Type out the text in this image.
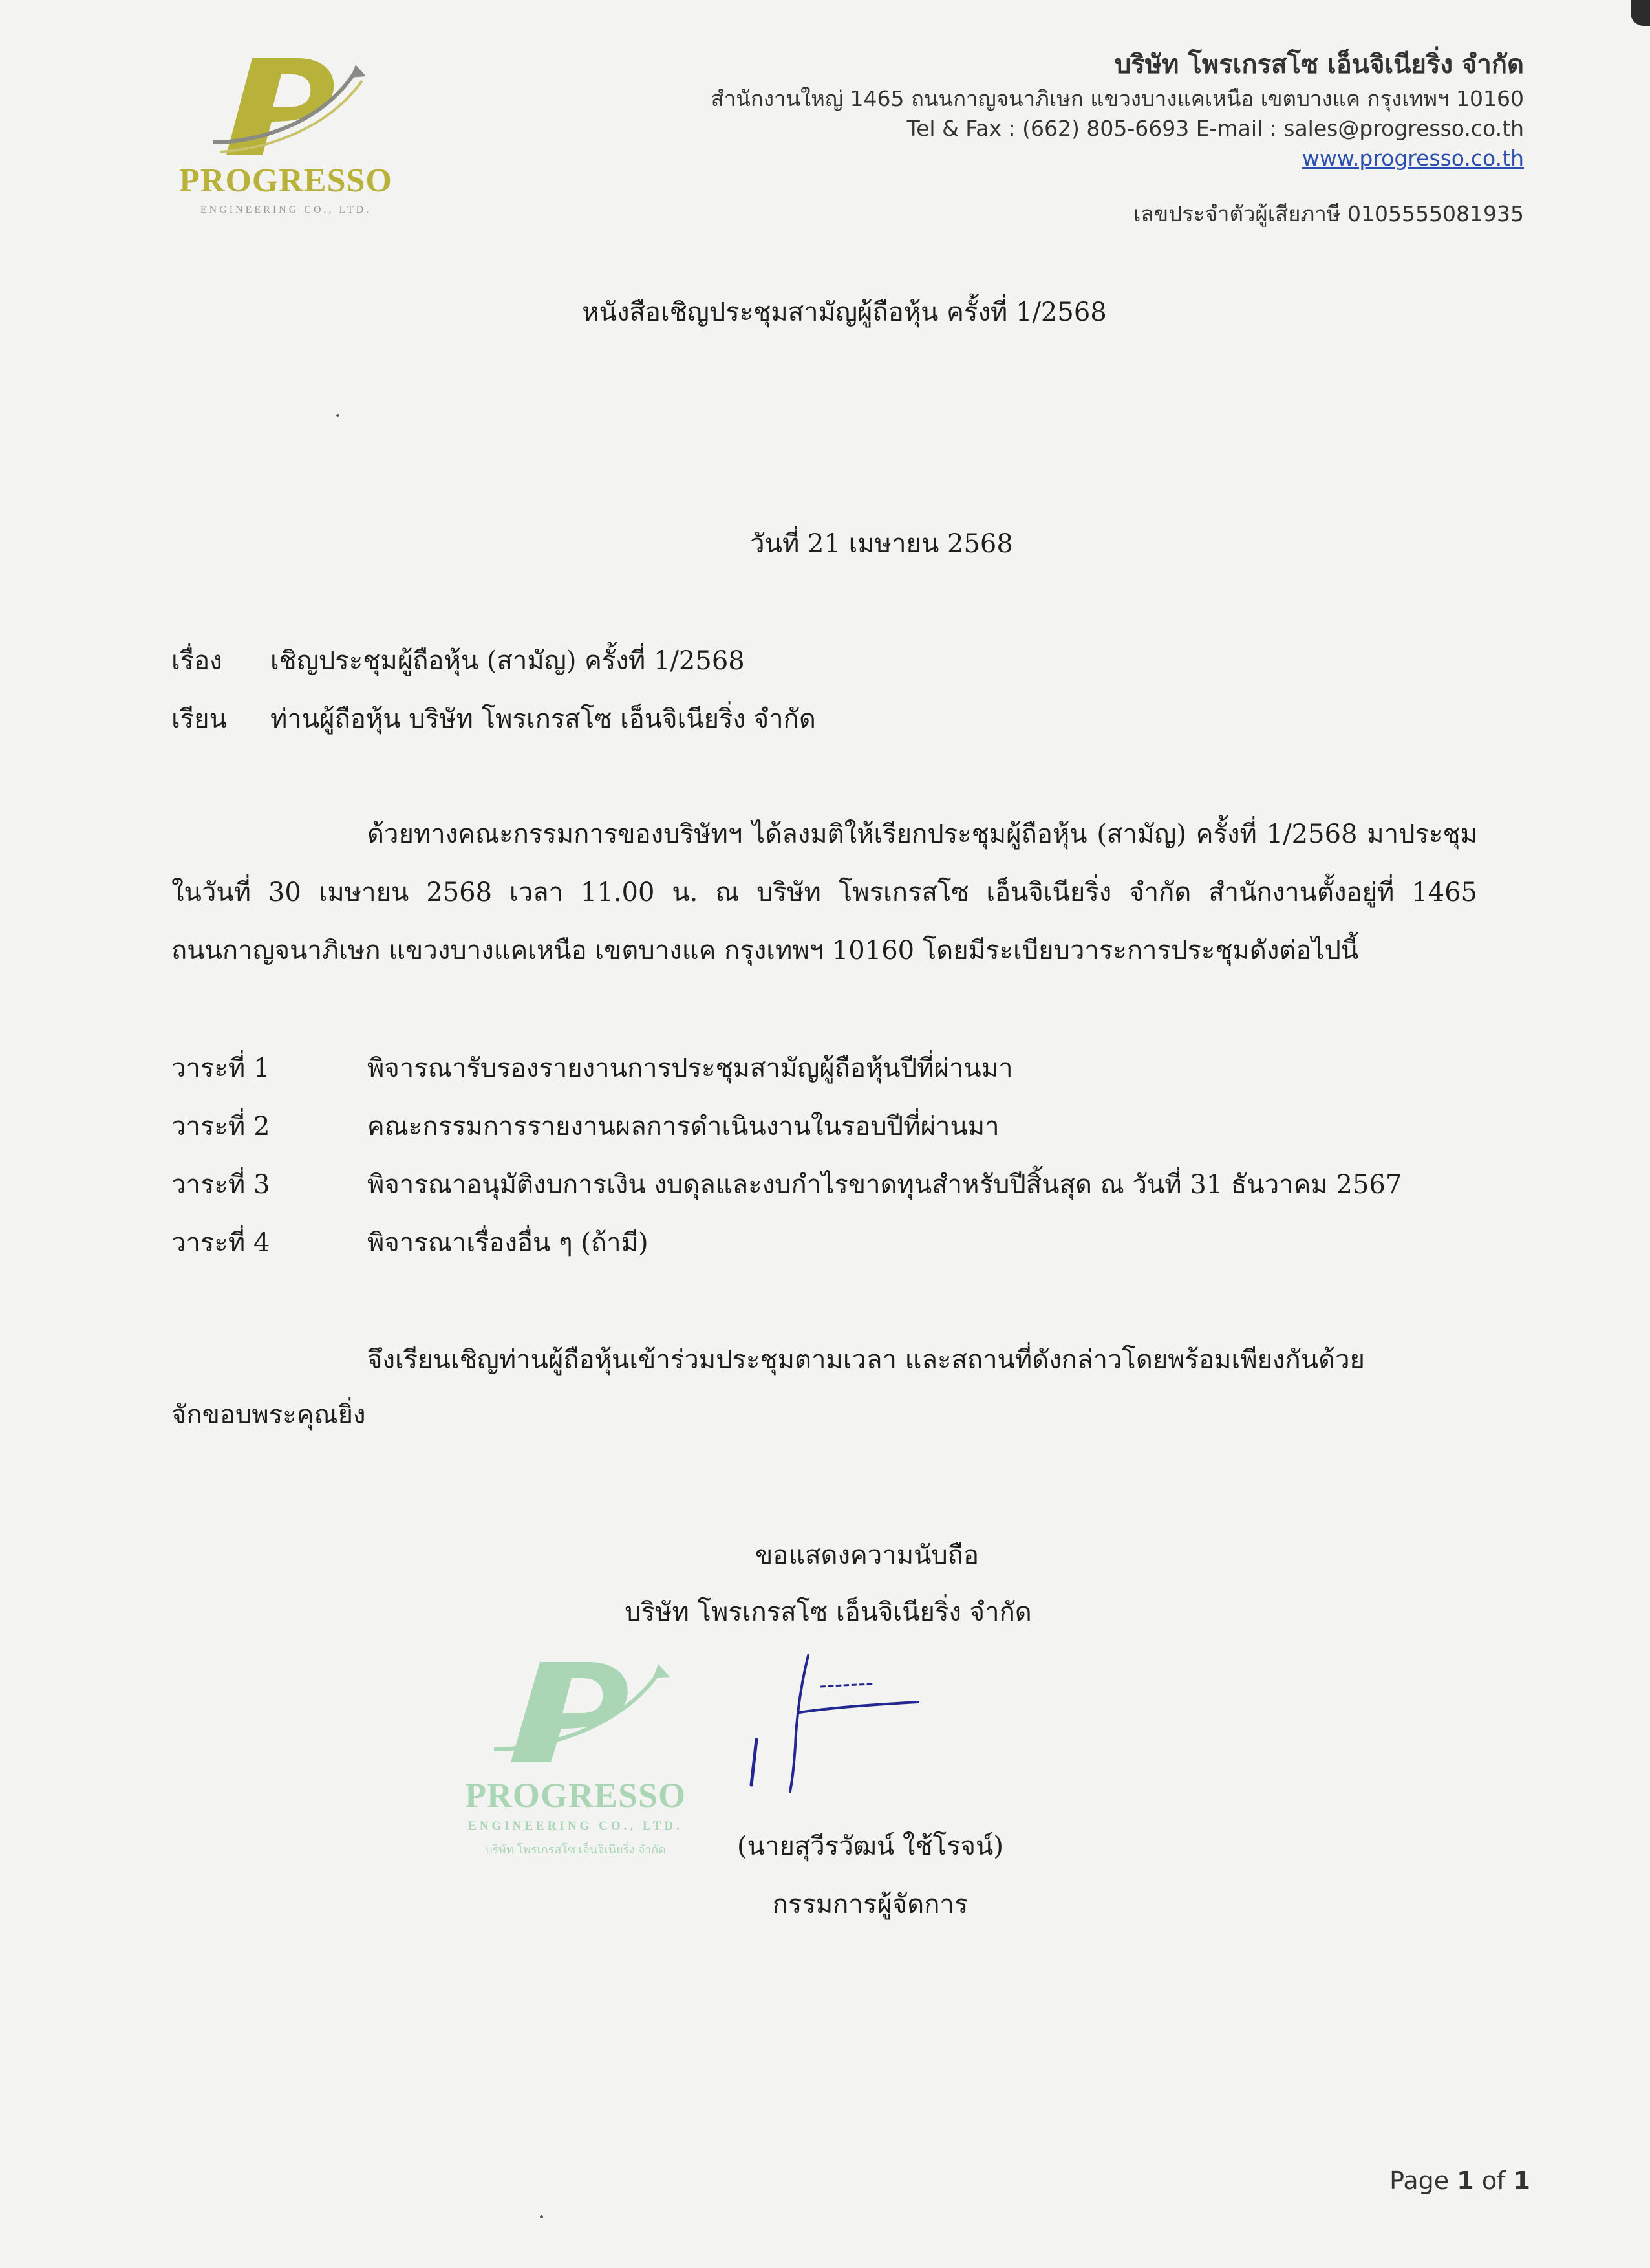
PROGRESSO
ENGINEERING CO., LTD.
บริษัท โพรเกรสโซ เอ็นจิเนียริ่ง จำกัด
สำนักงานใหญ่ 1465 ถนนกาญจนาภิเษก แขวงบางแคเหนือ เขตบางแค กรุงเทพฯ 10160
Tel & Fax : (662) 805-6693 E-mail : sales@progresso.co.th
www.progresso.co.th
เลขประจำตัวผู้เสียภาษี 0105555081935
หนังสือเชิญประชุมสามัญผู้ถือหุ้น ครั้งที่ 1/2568
วันที่ 21 เมษายน 2568
เรื่อง เชิญประชุมผู้ถือหุ้น (สามัญ) ครั้งที่ 1/2568
เรียน ท่านผู้ถือหุ้น บริษัท โพรเกรสโซ เอ็นจิเนียริ่ง จำกัด
ด้วยทางคณะกรรมการของบริษัทฯ ได้ลงมติให้เรียกประชุมผู้ถือหุ้น (สามัญ) ครั้งที่ 1/2568 มาประชุม
ในวันที่ 30 เมษายน 2568 เวลา 11.00 น. ณ บริษัท โพรเกรสโซ เอ็นจิเนียริ่ง จำกัด สำนักงานตั้งอยู่ที่ 1465
ถนนกาญจนาภิเษก แขวงบางแคเหนือ เขตบางแค กรุงเทพฯ 10160 โดยมีระเบียบวาระการประชุมดังต่อไปนี้
วาระที่ 1	พิจารณารับรองรายงานการประชุมสามัญผู้ถือหุ้นปีที่ผ่านมา
วาระที่ 2	คณะกรรมการรายงานผลการดำเนินงานในรอบปีที่ผ่านมา
วาระที่ 3	พิจารณาอนุมัติงบการเงิน งบดุลและงบกำไรขาดทุนสำหรับปีสิ้นสุด ณ วันที่ 31 ธันวาคม 2567
วาระที่ 4	พิจารณาเรื่องอื่น ๆ (ถ้ามี)
จึงเรียนเชิญท่านผู้ถือหุ้นเข้าร่วมประชุมตามเวลา และสถานที่ดังกล่าวโดยพร้อมเพียงกันด้วย
จักขอบพระคุณยิ่ง
ขอแสดงความนับถือ
บริษัท โพรเกรสโซ เอ็นจิเนียริ่ง จำกัด
PROGRESSO
ENGINEERING CO., LTD.
บริษัท โพรเกรสโซ เอ็นจิเนียริ่ง จำกัด	(นายสุวีรวัฒน์ ใช้โรจน์)
กรรมการผู้จัดการ
Page 1 of 1
